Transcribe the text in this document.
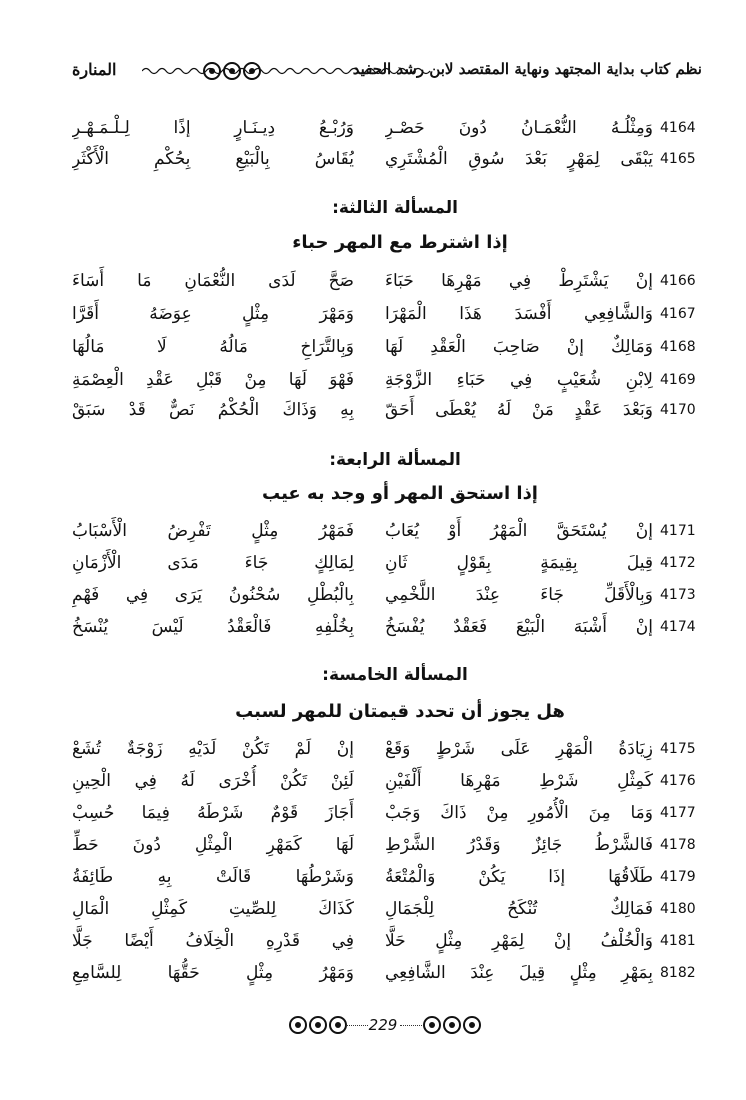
نظم كتاب بداية المجتهد ونهاية المقتصد لابن رشد الحفيد
المنارة
4164
وَمِثْلُـهُ النُّعْمَـانُ دُونَ حَصْـرِ
وَرُبْـعُ دِيـنَـارٍ إذًا لِـلْـمَـهْـرِ
4165
يَبْقَى لِمَهْرٍ بَعْدَ سُوقِ الْمُشْتَرِي
يُقَاسُ بِالْبَيْعِ بِحُكْمِ الْأَكْثَرِ
المسألة الثالثة:
إذا اشترط مع المهر حباء
4166
إنْ يَشْتَرِطْ فِي مَهْرِهَا حَبَاءَ
صَحَّ لَدَى النُّعْمَانِ مَا أَسَاءَ
4167
وَالشَّافِعِي أَفْسَدَ هَذَا الْمَهْرَا
وَمَهْرَ مِثْلٍ عِوَضَهُ أَقَرَّا
4168
وَمَالِكٌ إنْ صَاحِبَ الْعَقْدِ لَهَا
وَبِالتَّرَاخِ مَالُهُ لَا مَالُهَا
4169
لِابْنِ شُعَيْبٍ فِي حَبَاءِ الزَّوْجَةِ
فَهْوَ لَهَا مِنْ قَبْلِ عَقْدِ الْعِصْمَةِ
4170
وَبَعْدَ عَقْدٍ مَنْ لَهُ يُعْطَى أَحَقّ
بِهِ وَذَاكَ الْحُكْمُ نَصٌّ قَدْ سَبَقْ
المسألة الرابعة:
إذا استحق المهر أو وجد به عيب
4171
إنْ يُسْتَحَقَّ الْمَهْرُ أَوْ يُعَابُ
فَمَهْرُ مِثْلٍ تَفْرِضُ الْأَسْبَابُ
4172
قِيلَ بِقِيمَةٍ بِقَوْلٍ ثَانِ
لِمَالِكٍ جَاءَ مَدَى الْأَزْمَانِ
4173
وَبِالْأَقَلِّ جَاءَ عِنْدَ اللَّخْمِي
بِالْبُطْلِ سُحْنُونُ يَرَى فِي فَهْمِ
4174
إنْ أَشْبَهَ الْبَيْعَ فَعَقْدٌ يُفْسَخُ
بِخُلْفِهِ فَالْعَقْدُ لَيْسَ يُنْسَخُ
المسألة الخامسة:
هل يجوز أن تحدد قيمتان للمهر لسبب
4175
زِيَادَةُ الْمَهْرِ عَلَى شَرْطٍ وَقَعْ
إنْ لَمْ تَكُنْ لَدَيْهِ زَوْجَةٌ تُشَعْ
4176
كَمِثْلِ شَرْطِ مَهْرِهَا أَلْفَيْنِ
لَئِنْ تَكُنْ أُخْرَى لَهُ فِي الْحِينِ
4177
وَمَا مِنَ الْأُمُورِ مِنْ ذَاكَ وَجَبْ
أَجَازَ قَوْمٌ شَرْطَهُ فِيمَا حُسِبْ
4178
فَالشَّرْطُ جَائِزٌ وَقَدْرُ الشَّرْطِ
لَهَا كَمَهْرِ الْمِثْلِ دُونَ حَطِّ
4179
طَلَاقُهَا إذَا يَكُنْ وَالْمُتْعَةُ
وَشَرْطُهَا قَالَتْ بِهِ طَائِفَةُ
4180
فَمَالِكٌ تُنْكَحُ لِلْجَمَالِ
كَذَاكَ لِلصِّيتِ كَمِثْلِ الْمَالِ
4181
وَالْخُلْفُ إنْ لِمَهْرِ مِثْلٍ حَلَّا
فِي قَدْرِهِ الْخِلَافُ أَيْضًا جَلَّا
8182
بِمَهْرِ مِثْلٍ قِيلَ عِنْدَ الشَّافِعِي
وَمَهْرُ مِثْلٍ حَقُّهَا لِلسَّامِعِ
229
